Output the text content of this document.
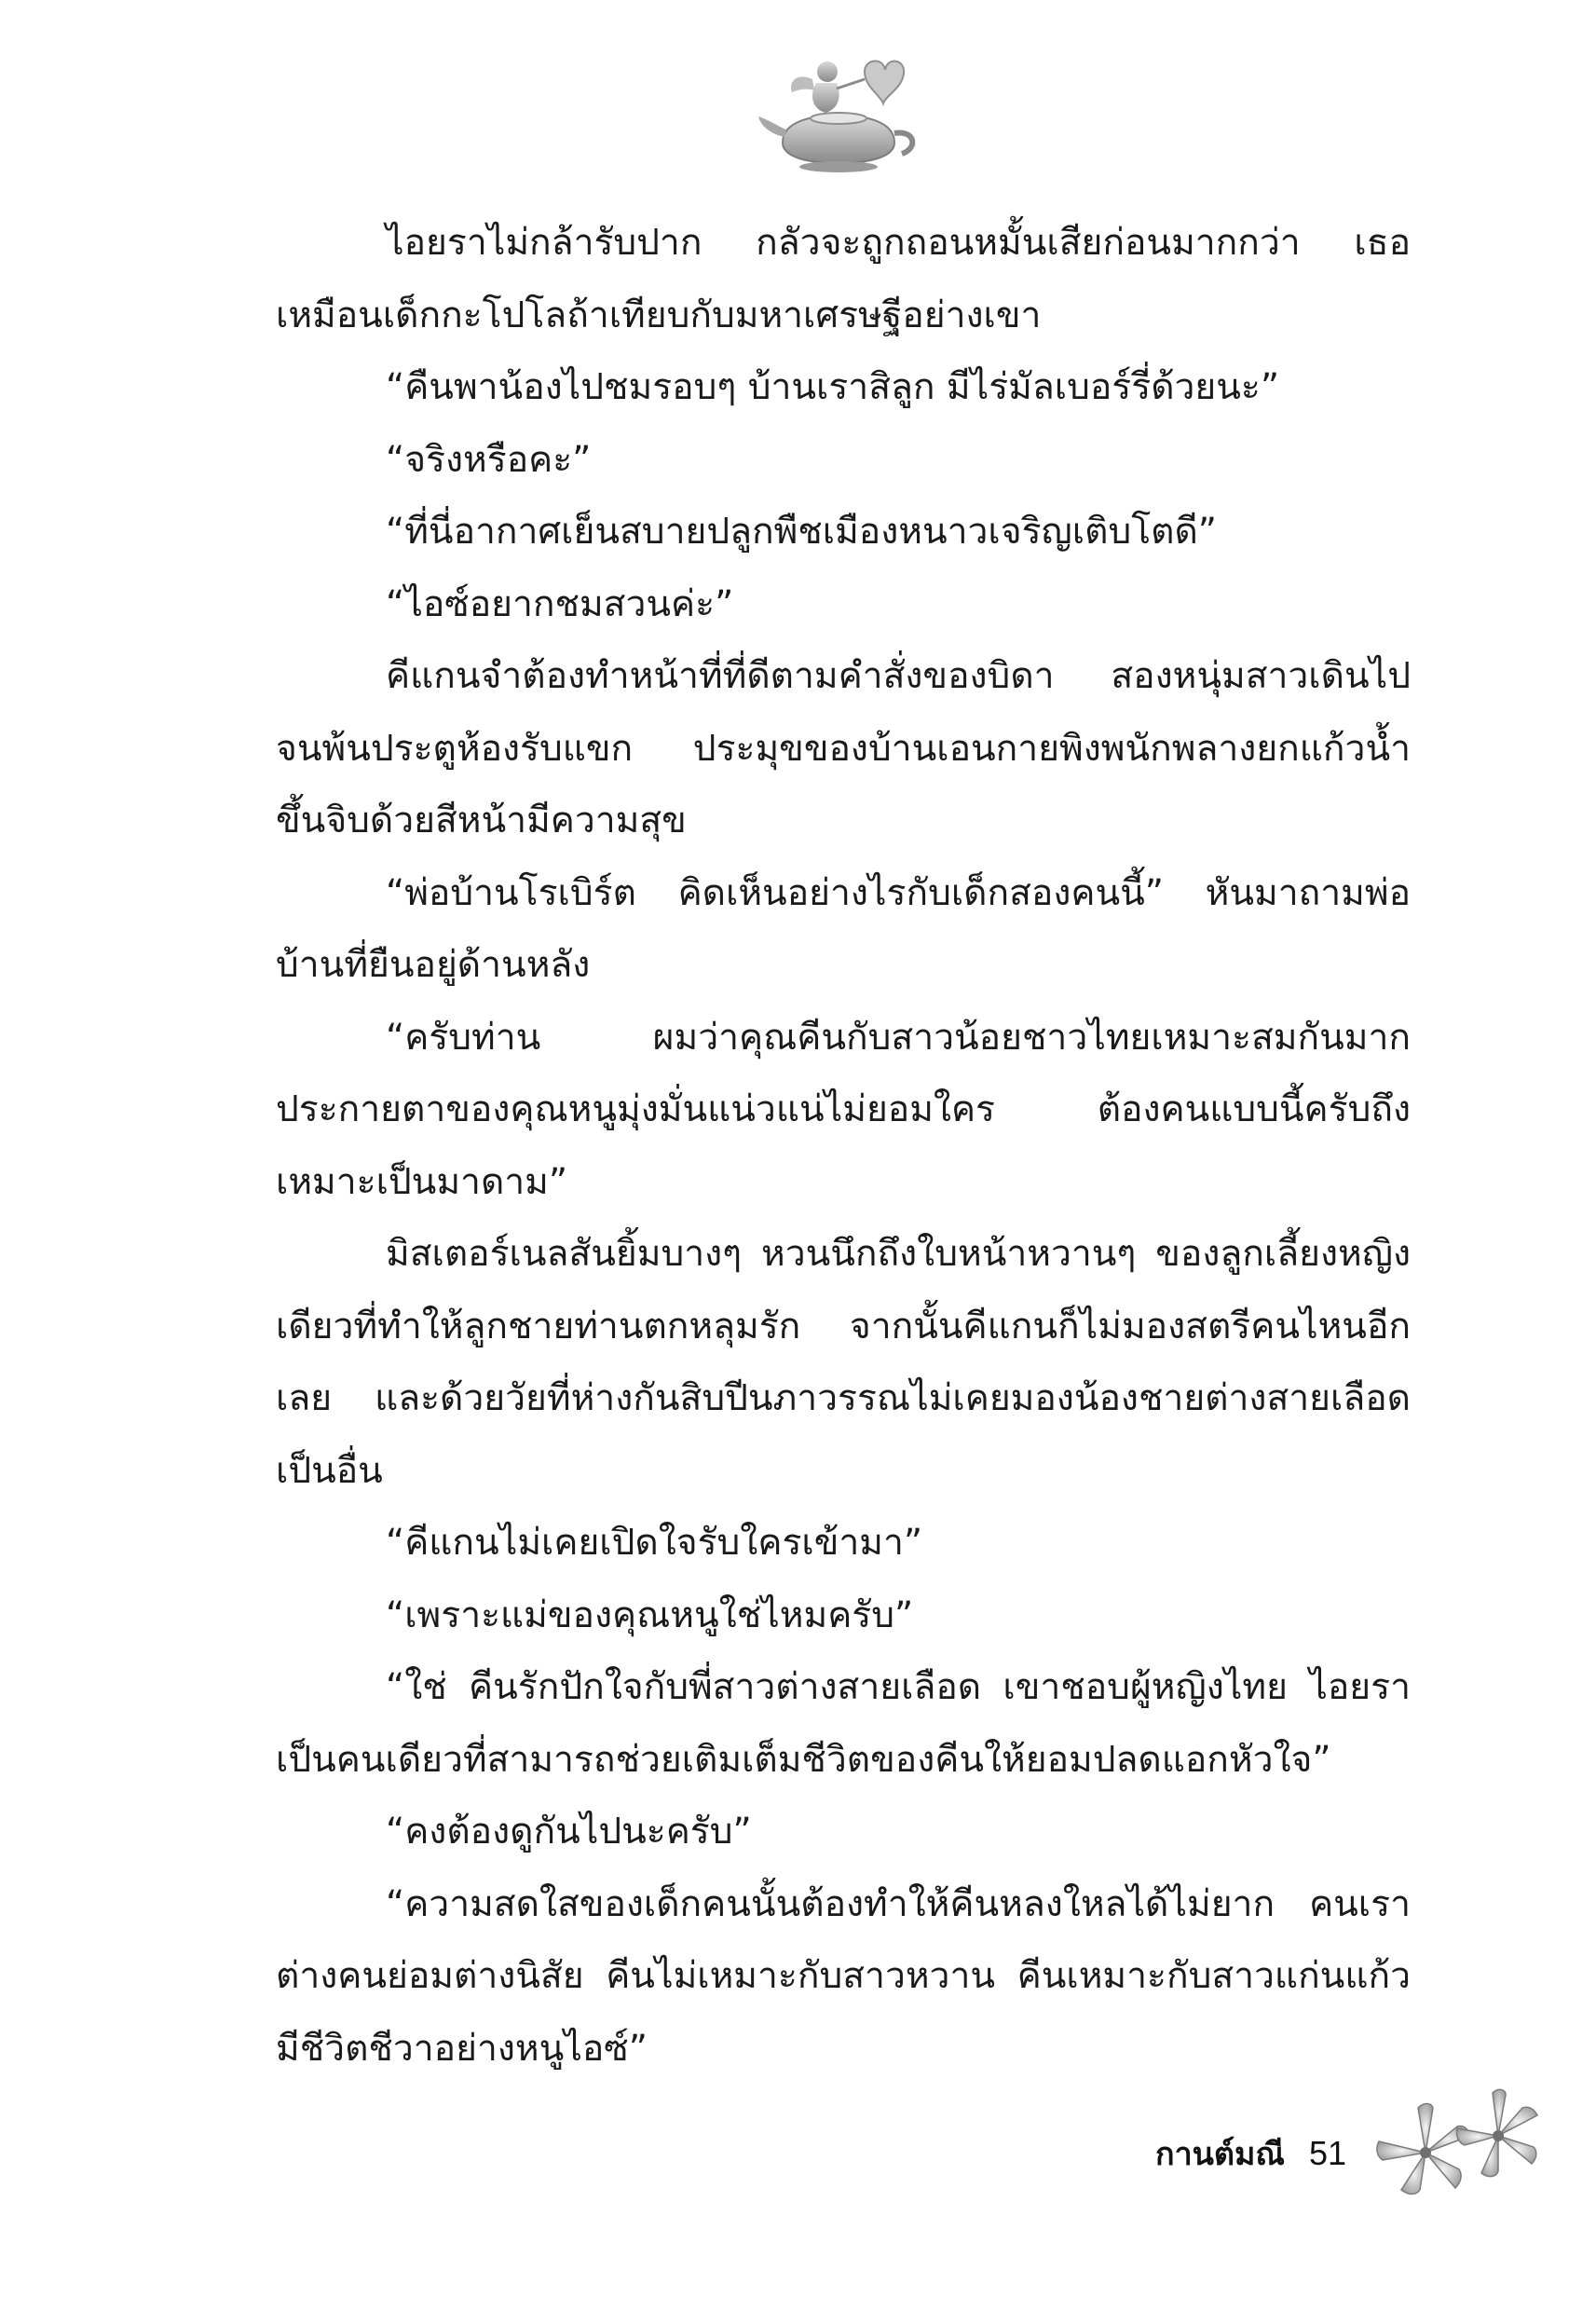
ไอยราไม่กล้ารับปาก กลัวจะถูกถอนหมั้นเสียก่อนมากกว่า เธอเหมือนเด็กกะโปโลถ้าเทียบกับมหาเศรษฐีอย่างเขา

“คืนพาน้องไปชมรอบๆ บ้านเราสิลูก มีไร่มัลเบอร์รี่ด้วยนะ”

“จริงหรือคะ”

“ที่นี่อากาศเย็นสบายปลูกพืชเมืองหนาวเจริญเติบโตดี”

“ไอซ์อยากชมสวนค่ะ”

คีแกนจำต้องทำหน้าที่ที่ดีตามคำสั่งของบิดา สองหนุ่มสาวเดินไปจนพ้นประตูห้องรับแขก ประมุขของบ้านเอนกายพิงพนักพลางยกแก้วน้ำขึ้นจิบด้วยสีหน้ามีความสุข

“พ่อบ้านโรเบิร์ต คิดเห็นอย่างไรกับเด็กสองคนนี้” หันมาถามพ่อบ้านที่ยืนอยู่ด้านหลัง

“ครับท่าน ผมว่าคุณคีนกับสาวน้อยชาวไทยเหมาะสมกันมาก ประกายตาของคุณหนูมุ่งมั่นแน่วแน่ไม่ยอมใคร ต้องคนแบบนี้ครับถึงเหมาะเป็นมาดาม”

มิสเตอร์เนลสันยิ้มบางๆ หวนนึกถึงใบหน้าหวานๆ ของลูกเลี้ยงหญิงเดียวที่ทำให้ลูกชายท่านตกหลุมรัก จากนั้นคีแกนก็ไม่มองสตรีคนไหนอีกเลย และด้วยวัยที่ห่างกันสิบปีนภาวรรณไม่เคยมองน้องชายต่างสายเลือดเป็นอื่น

“คีแกนไม่เคยเปิดใจรับใครเข้ามา”

“เพราะแม่ของคุณหนูใช่ไหมครับ”

“ใช่ คีนรักปักใจกับพี่สาวต่างสายเลือด เขาชอบผู้หญิงไทย ไอยราเป็นคนเดียวที่สามารถช่วยเติมเต็มชีวิตของคีนให้ยอมปลดแอกหัวใจ”

“คงต้องดูกันไปนะครับ”

“ความสดใสของเด็กคนนั้นต้องทำให้คีนหลงใหลได้ไม่ยาก คนเราต่างคนย่อมต่างนิสัย คีนไม่เหมาะกับสาวหวาน คีนเหมาะกับสาวแก่นแก้วมีชีวิตชีวาอย่างหนูไอซ์”

กานต์มณี 51
